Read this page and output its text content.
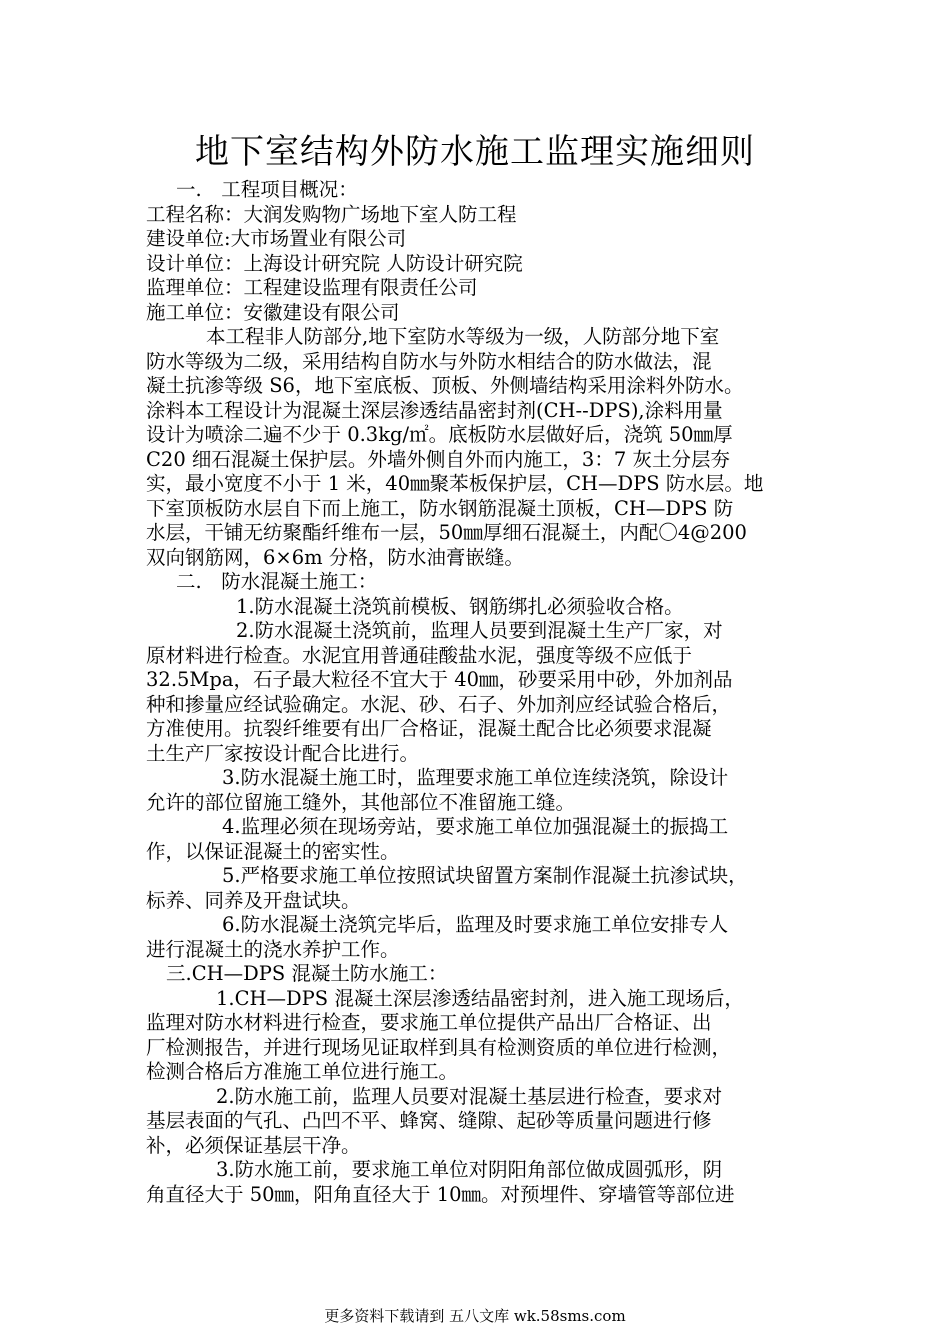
地下室结构外防水施工监理实施细则
一.　工程项目概况：
工程名称：大润发购物广场地下室人防工程
建设单位:大市场置业有限公司
设计单位：上海设计研究院 人防设计研究院
监理单位：工程建设监理有限责任公司
施工单位：安徽建设有限公司
本工程非人防部分,地下室防水等级为一级，人防部分地下室
防水等级为二级，采用结构自防水与外防水相结合的防水做法，混
凝土抗渗等级 S6，地下室底板、顶板、外侧墙结构采用涂料外防水。
涂料本工程设计为混凝土深层渗透结晶密封剂(CH--DPS),涂料用量
设计为喷涂二遍不少于 0.3kg/㎡。底板防水层做好后，浇筑 50㎜厚
C20 细石混凝土保护层。外墙外侧自外而内施工，3：7 灰土分层夯
实，最小宽度不小于 1 米，40㎜聚苯板保护层，CH—DPS 防水层。地
下室顶板防水层自下而上施工，防水钢筋混凝土顶板，CH—DPS 防
水层，干铺无纺聚酯纤维布一层，50㎜厚细石混凝土，内配〇4@200
双向钢筋网，6×6m 分格，防水油膏嵌缝。
二.　防水混凝土施工：
1.防水混凝土浇筑前模板、钢筋绑扎必须验收合格。
2.防水混凝土浇筑前，监理人员要到混凝土生产厂家，对
原材料进行检查。水泥宜用普通硅酸盐水泥，强度等级不应低于
32.5Mpa，石子最大粒径不宜大于 40㎜，砂要采用中砂，外加剂品
种和掺量应经试验确定。水泥、砂、石子、外加剂应经试验合格后，
方准使用。抗裂纤维要有出厂合格证，混凝土配合比必须要求混凝
土生产厂家按设计配合比进行。
3.防水混凝土施工时，监理要求施工单位连续浇筑，除设计
允许的部位留施工缝外，其他部位不准留施工缝。
4.监理必须在现场旁站，要求施工单位加强混凝土的振捣工
作，以保证混凝土的密实性。
5.严格要求施工单位按照试块留置方案制作混凝土抗渗试块，
标养、同养及开盘试块。
6.防水混凝土浇筑完毕后，监理及时要求施工单位安排专人
进行混凝土的浇水养护工作。
三.CH—DPS 混凝土防水施工：
1.CH—DPS 混凝土深层渗透结晶密封剂，进入施工现场后，
监理对防水材料进行检查，要求施工单位提供产品出厂合格证、出
厂检测报告，并进行现场见证取样到具有检测资质的单位进行检测，
检测合格后方准施工单位进行施工。
2.防水施工前，监理人员要对混凝土基层进行检查，要求对
基层表面的气孔、凸凹不平、蜂窝、缝隙、起砂等质量问题进行修
补，必须保证基层干净。
3.防水施工前，要求施工单位对阴阳角部位做成圆弧形，阴
角直径大于 50㎜，阳角直径大于 10㎜。对预埋件、穿墙管等部位进
更多资料下载请到 五八文库 wk.58sms.com
